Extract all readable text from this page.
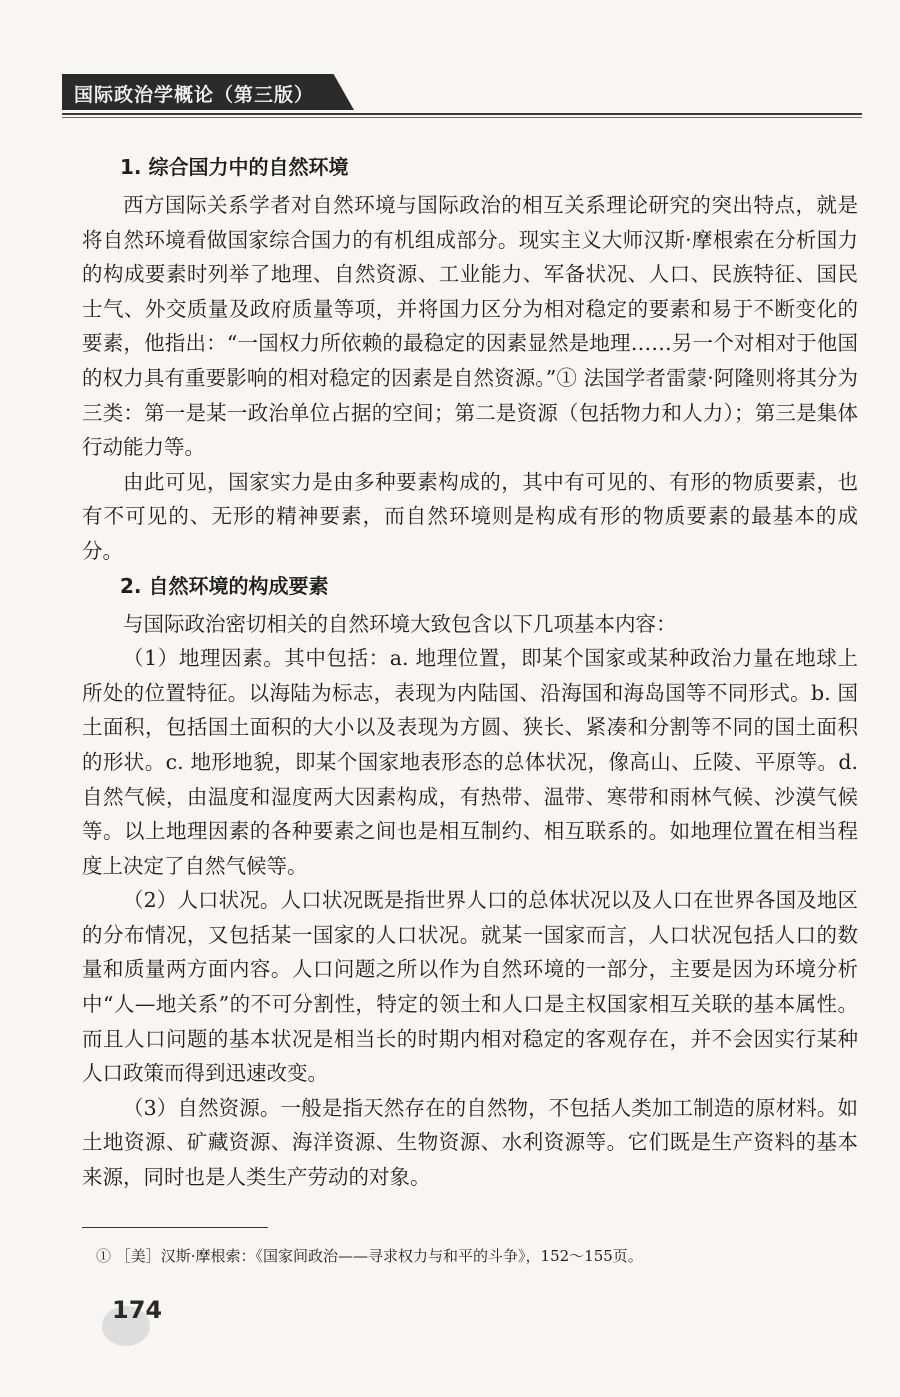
国际政治学概论（第三版）
1. 综合国力中的自然环境

西方国际关系学者对自然环境与国际政治的相互关系理论研究的突出特点，就是将自然环境看做国家综合国力的有机组成部分。现实主义大师汉斯·摩根索在分析国力的构成要素时列举了地理、自然资源、工业能力、军备状况、人口、民族特征、国民士气、外交质量及政府质量等项，并将国力区分为相对稳定的要素和易于不断变化的要素，他指出：“一国权力所依赖的最稳定的因素显然是地理……另一个对相对于他国的权力具有重要影响的相对稳定的因素是自然资源。”① 法国学者雷蒙·阿隆则将其分为三类：第一是某一政治单位占据的空间；第二是资源（包括物力和人力）；第三是集体行动能力等。

由此可见，国家实力是由多种要素构成的，其中有可见的、有形的物质要素，也有不可见的、无形的精神要素，而自然环境则是构成有形的物质要素的最基本的成分。

2. 自然环境的构成要素

与国际政治密切相关的自然环境大致包含以下几项基本内容：

（1）地理因素。其中包括：a. 地理位置，即某个国家或某种政治力量在地球上所处的位置特征。以海陆为标志，表现为内陆国、沿海国和海岛国等不同形式。b. 国土面积，包括国土面积的大小以及表现为方圆、狭长、紧凑和分割等不同的国土面积的形状。c. 地形地貌，即某个国家地表形态的总体状况，像高山、丘陵、平原等。d. 自然气候，由温度和湿度两大因素构成，有热带、温带、寒带和雨林气候、沙漠气候等。以上地理因素的各种要素之间也是相互制约、相互联系的。如地理位置在相当程度上决定了自然气候等。

（2）人口状况。人口状况既是指世界人口的总体状况以及人口在世界各国及地区的分布情况，又包括某一国家的人口状况。就某一国家而言，人口状况包括人口的数量和质量两方面内容。人口问题之所以作为自然环境的一部分，主要是因为环境分析中“人—地关系”的不可分割性，特定的领土和人口是主权国家相互关联的基本属性。而且人口问题的基本状况是相当长的时期内相对稳定的客观存在，并不会因实行某种人口政策而得到迅速改变。

（3）自然资源。一般是指天然存在的自然物，不包括人类加工制造的原材料。如土地资源、矿藏资源、海洋资源、生物资源、水利资源等。它们既是生产资料的基本来源，同时也是人类生产劳动的对象。

① ［美］汉斯·摩根索：《国家间政治——寻求权力与和平的斗争》，152～155页。
174
